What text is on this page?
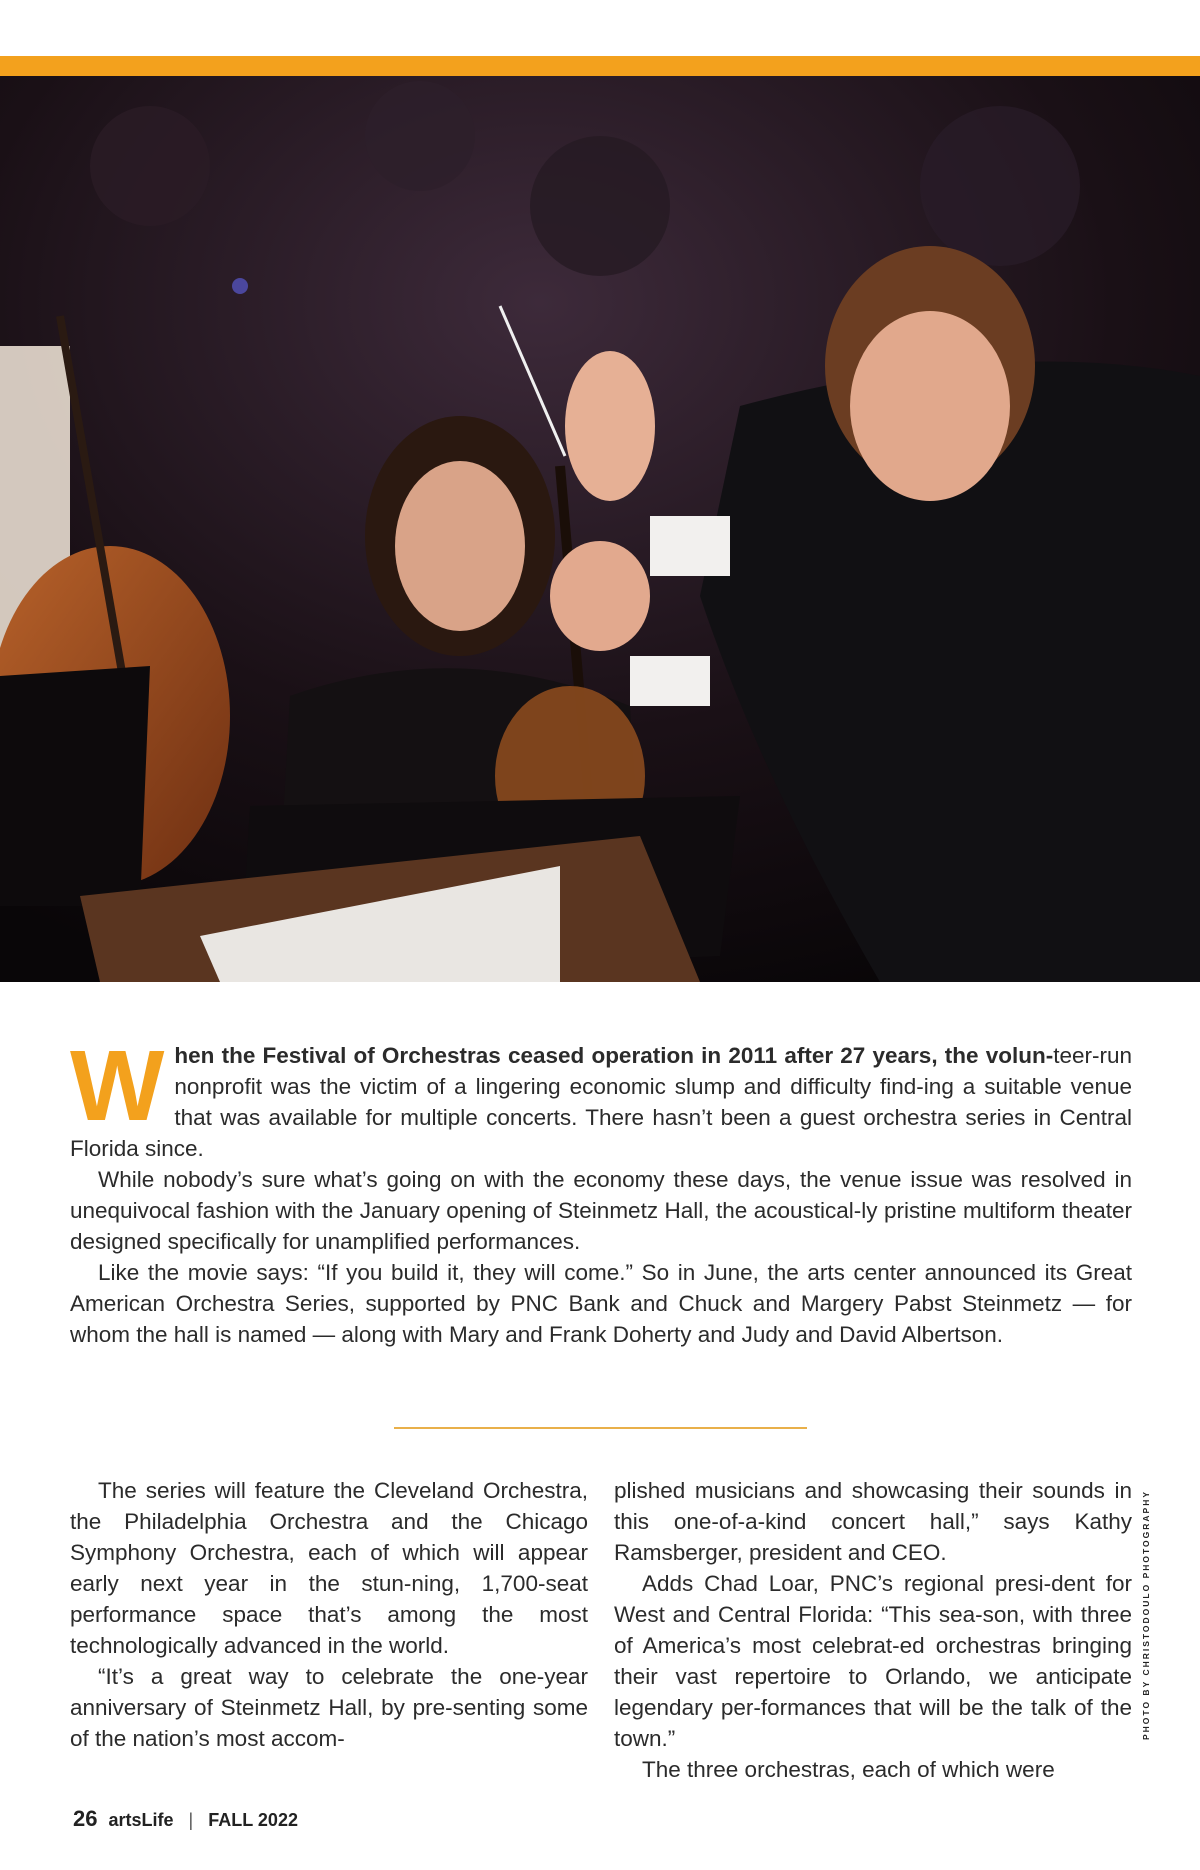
PHOTO BY CHRISTODOULO PHOTOGRAPHY

When the Festival of Orchestras ceased operation in 2011 after 27 years, the volun-teer-run nonprofit was the victim of a lingering economic slump and difficulty find-ing a suitable venue that was available for multiple concerts. There hasn’t been a guest orchestra series in Central Florida since.

While nobody’s sure what’s going on with the economy these days, the venue issue was resolved in unequivocal fashion with the January opening of Steinmetz Hall, the acoustical-ly pristine multiform theater designed specifically for unamplified performances.

Like the movie says: “If you build it, they will come.” So in June, the arts center announced its Great American Orchestra Series, supported by PNC Bank and Chuck and Margery Pabst Steinmetz — for whom the hall is named — along with Mary and Frank Doherty and Judy and David Albertson.

The series will feature the Cleveland Orchestra, the Philadelphia Orchestra and the Chicago Symphony Orchestra, each of which will appear early next year in the stun-ning, 1,700-seat performance space that’s among the most technologically advanced in the world.

“It’s a great way to celebrate the one-year anniversary of Steinmetz Hall, by pre-senting some of the nation’s most accom-

plished musicians and showcasing their sounds in this one-of-a-kind concert hall,” says Kathy Ramsberger, president and CEO.

Adds Chad Loar, PNC’s regional presi-dent for West and Central Florida: “This sea-son, with three of America’s most celebrat-ed orchestras bringing their vast repertoire to Orlando, we anticipate legendary per-formances that will be the talk of the town.”

The three orchestras, each of which were

26 artsLife | FALL 2022
